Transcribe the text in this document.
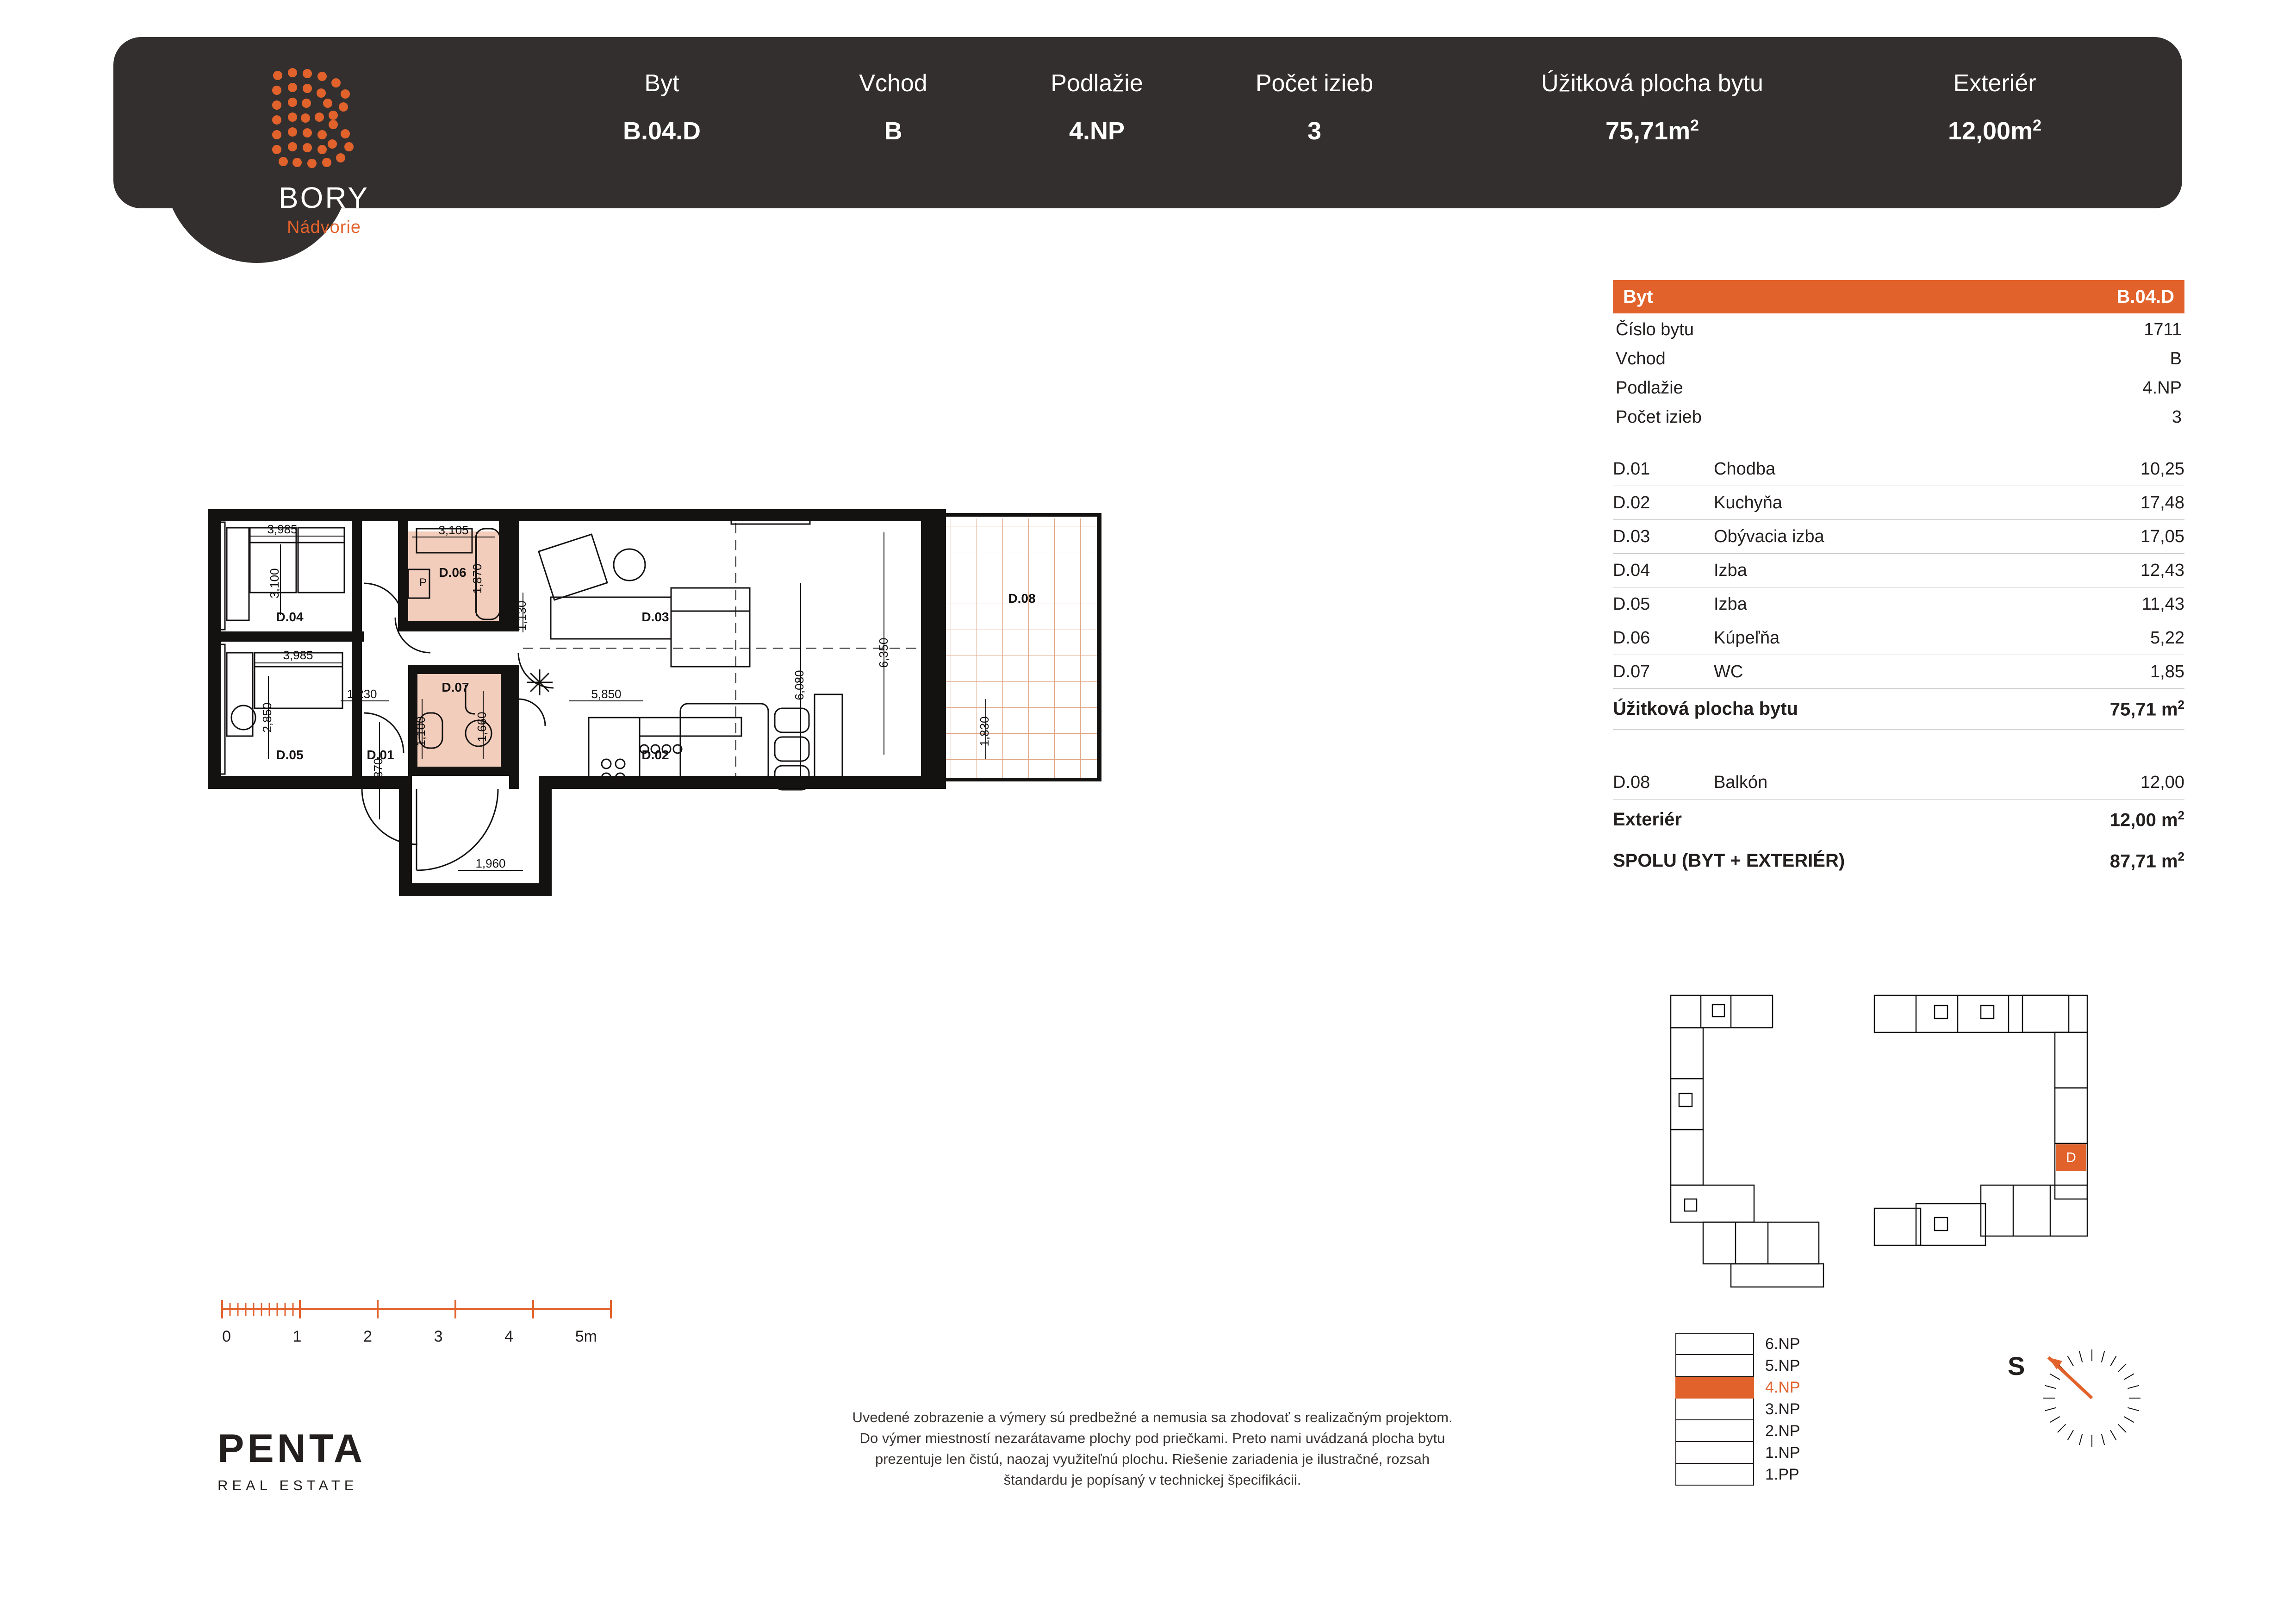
BORY
Nádvorie
Byt
B.04.D
Vchod
B
Podlažie
4.NP
Počet izieb
3
Úžitková plocha bytu
$75,71m^2$
Exteriér
$12,00m^2$
Byt	B.04.D
Číslo bytu	1711
Vchod	B
Podlažie	4.NP
Počet izieb	3
D.01	Chodba	10,25
D.02	Kuchyňa	17,48
D.03	Obývacia izba	17,05
D.04	Izba	12,43
D.05	Izba	11,43
D.06	Kúpeľňa	5,22
D.07	WC	1,85
Úžitková plocha bytu	75,71 $m^2$
D.08	Balkón	12,00
Exteriér	12,00 $m^2$
SPOLU (BYT + EXTERIÉR)	87,71 $m^2$
3,985
3,100
3,105
1,870
1,130
6,350
6,080
3,985
2,850
1,230
1,100	1,660
5,850
5,870
1,830
1,960
D.04
D.05	D.01
D.06
D.07
D.03
D.02
D.08
P
0	1	2	3	4	5m
Uvedené zobrazenie a výmery sú predbežné a nemusia sa zhodovať s realizačným projektom. Do výmer miestností nezarátavame plochy pod priečkami. Preto nami uvádzaná plocha bytu prezentuje len čistú, naozaj využiteľnú plochu. Riešenie zariadenia je ilustračné, rozsah štandardu je popísaný v technickej špecifikácii.
PENTA
REAL ESTATE
D
6.NP
5.NP
4.NP
3.NP
2.NP
1.NP
1.PP
S
